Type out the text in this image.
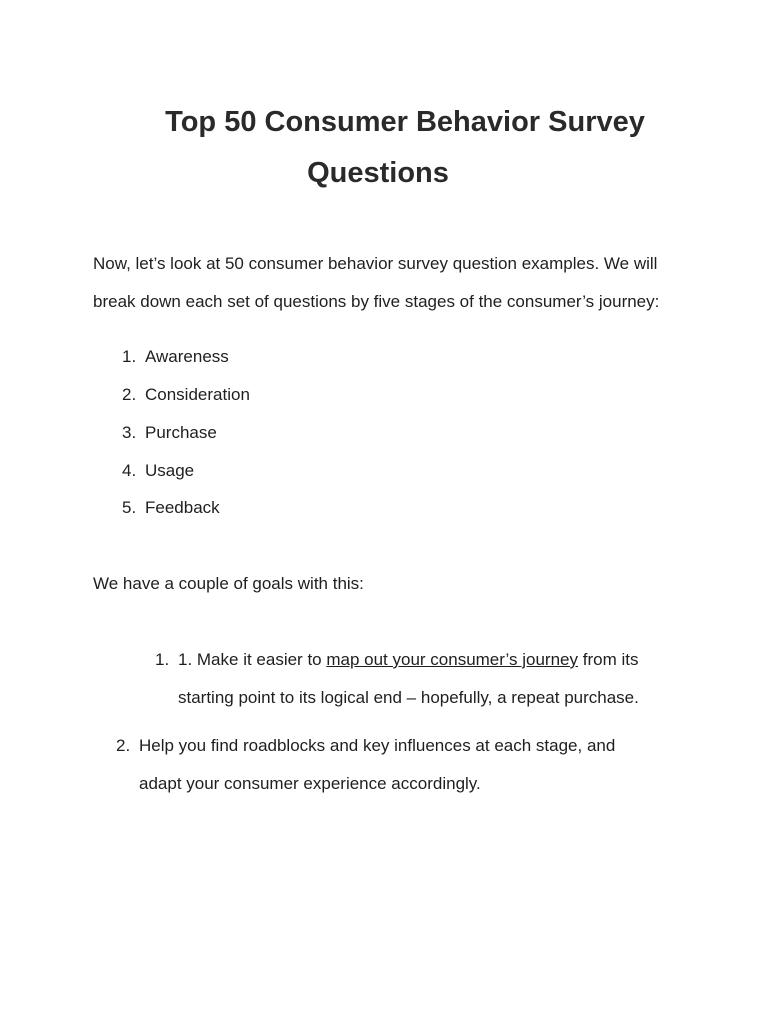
Top 50 Consumer Behavior Survey
Questions
Now, let’s look at 50 consumer behavior survey question examples. We will
break down each set of questions by five stages of the consumer’s journey:
1. Awareness
2. Consideration
3. Purchase
4. Usage
5. Feedback
We have a couple of goals with this:
1. 1. Make it easier to map out your consumer’s journey from its
starting point to its logical end – hopefully, a repeat purchase.
2. Help you find roadblocks and key influences at each stage, and
adapt your consumer experience accordingly.
